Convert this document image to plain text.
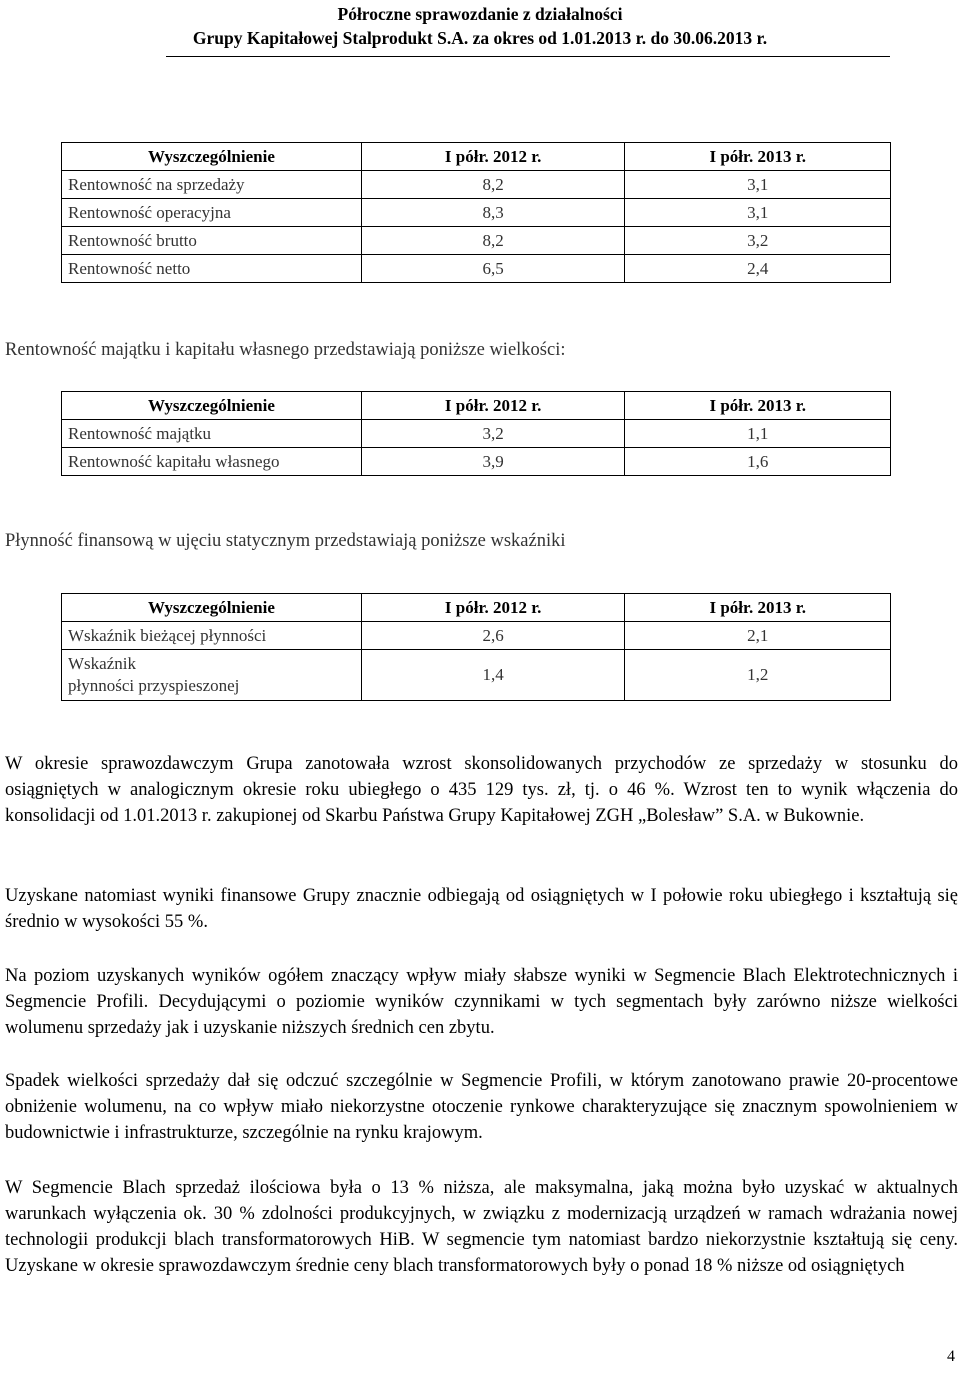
Półroczne sprawozdanie z działalności
Grupy Kapitałowej Stalprodukt S.A. za okres od 1.01.2013 r. do 30.06.2013 r.
Wyszczególnienie	I półr. 2012 r.	I półr. 2013 r.
Rentowność na sprzedaży	8,2	3,1
Rentowność operacyjna	8,3	3,1
Rentowność brutto	8,2	3,2
Rentowność netto	6,5	2,4

Rentowność majątku i kapitału własnego przedstawiają poniższe wielkości:

Wyszczególnienie	I półr. 2012 r.	I półr. 2013 r.
Rentowność majątku	3,2	1,1
Rentowność kapitału własnego	3,9	1,6

Płynność finansową w ujęciu statycznym przedstawiają poniższe wskaźniki

Wyszczególnienie	I półr. 2012 r.	I półr. 2013 r.
Wskaźnik bieżącej płynności	2,6	2,1

Wskaźnik
płynności przyspieszonej	1,4	1,2

W okresie sprawozdawczym Grupa zanotowała wzrost skonsolidowanych przychodów ze sprzedaży w stosunku do osiągniętych w analogicznym okresie roku ubiegłego o 435 129 tys. zł, tj. o 46 %. Wzrost ten to wynik włączenia do konsolidacji od 1.01.2013 r. zakupionej od Skarbu Państwa Grupy Kapitałowej ZGH „Bolesław” S.A. w Bukownie.

Uzyskane natomiast wyniki finansowe Grupy znacznie odbiegają od osiągniętych w I połowie roku ubiegłego i kształtują się średnio w wysokości 55 %.

Na poziom uzyskanych wyników ogółem znaczący wpływ miały słabsze wyniki w Segmencie Blach Elektrotechnicznych i Segmencie Profili. Decydującymi o poziomie wyników czynnikami w tych segmentach były zarówno niższe wielkości wolumenu sprzedaży jak i uzyskanie niższych średnich cen zbytu.

Spadek wielkości sprzedaży dał się odczuć szczególnie w Segmencie Profili, w którym zanotowano prawie 20-procentowe obniżenie wolumenu, na co wpływ miało niekorzystne otoczenie rynkowe charakteryzujące się znacznym spowolnieniem w budownictwie i infrastrukturze, szczególnie na rynku krajowym.

W Segmencie Blach sprzedaż ilościowa była o 13 % niższa, ale maksymalna, jaką można było uzyskać w aktualnych warunkach wyłączenia ok. 30 % zdolności produkcyjnych, w związku z modernizacją urządzeń w ramach wdrażania nowej technologii produkcji blach transformatorowych HiB. W segmencie tym natomiast bardzo niekorzystnie kształtują się ceny. Uzyskane w okresie sprawozdawczym średnie ceny blach transformatorowych były o ponad 18 % niższe od osiągniętych

4
